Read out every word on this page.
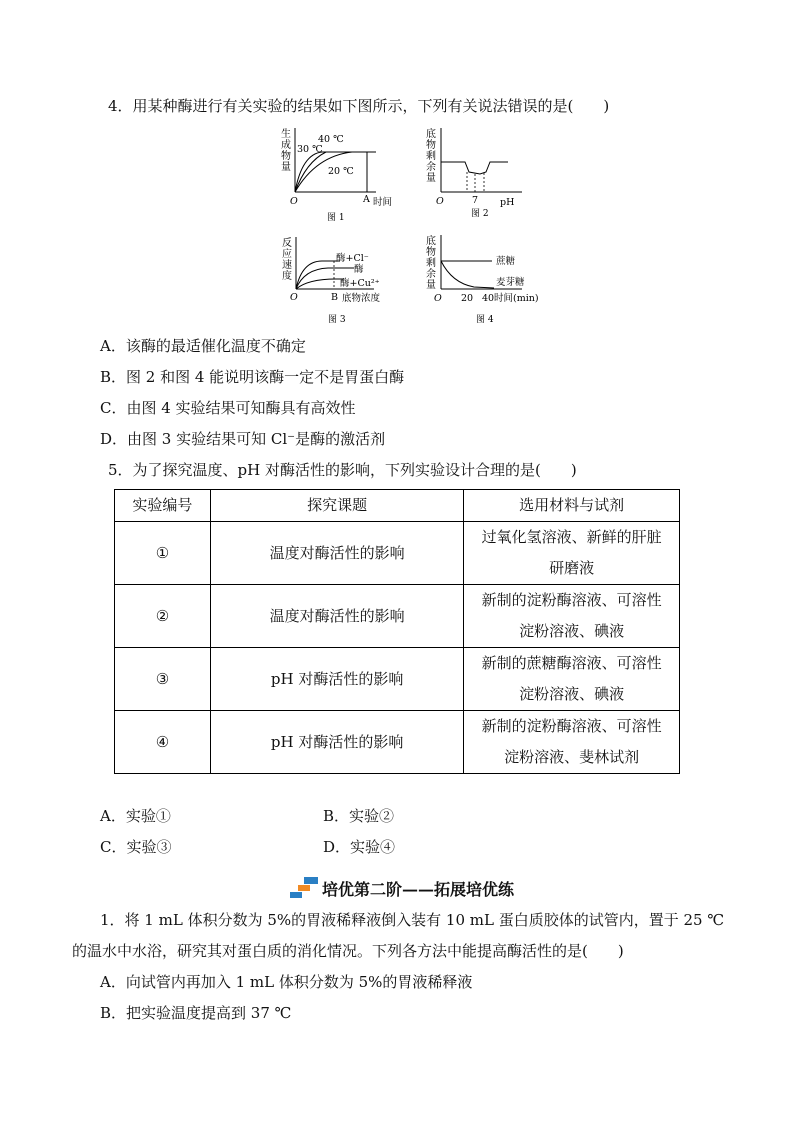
4．用某种酶进行有关实验的结果如下图所示，下列有关说法错误的是(　　)
生
成
物
量
40 ℃
30 ℃
20 ℃
O	A 时间
图 1
底
物
剩
余
量
O	7 pH
图 2
反
应
速
度
酶+Cl⁻
酶
酶+Cu²⁺
O	B 底物浓度
图 3
底
物
剩
余
量
蔗糖
麦芽糖
O 20 40 时间(min)
图 4
A．该酶的最适催化温度不确定
B．图 2 和图 4 能说明该酶一定不是胃蛋白酶
C．由图 4 实验结果可知酶具有高效性
D．由图 3 实验结果可知 Cl⁻是酶的激活剂
5．为了探究温度、pH 对酶活性的影响，下列实验设计合理的是(　　)
实验编号	探究课题	选用材料与试剂
①	温度对酶活性的影响	过氧化氢溶液、新鲜的肝脏
研磨液

②	温度对酶活性的影响	新制的淀粉酶溶液、可溶性
淀粉溶液、碘液

③	pH 对酶活性的影响	新制的蔗糖酶溶液、可溶性
淀粉溶液、碘液

④	pH 对酶活性的影响	新制的淀粉酶溶液、可溶性
淀粉溶液、斐林试剂
A．实验①	B．实验②
C．实验③	D．实验④
培优第二阶——拓展培优练
1．将 1 mL 体积分数为 5%的胃液稀释液倒入装有 10 mL 蛋白质胶体的试管内，置于 25 ℃
的温水中水浴，研究其对蛋白质的消化情况。下列各方法中能提高酶活性的是(　　)
A．向试管内再加入 1 mL 体积分数为 5%的胃液稀释液
B．把实验温度提高到 37 ℃
